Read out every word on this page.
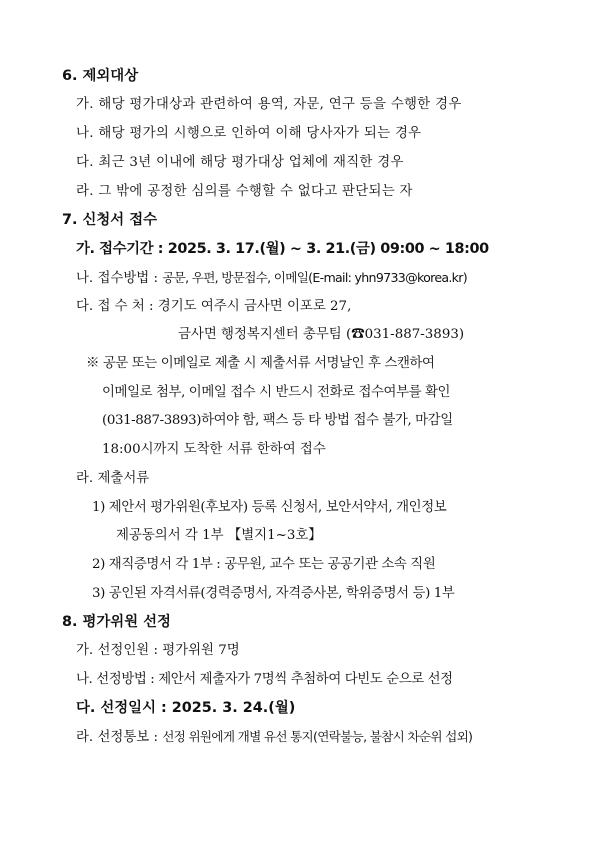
6. 제외대상
가. 해당 평가대상과 관련하여 용역, 자문, 연구 등을 수행한 경우
나. 해당 평가의 시행으로 인하여 이해 당사자가 되는 경우
다. 최근 3년 이내에 해당 평가대상 업체에 재직한 경우
라. 그 밖에 공정한 심의를 수행할 수 없다고 판단되는 자
7. 신청서 접수
가. 접수기간 : 2025. 3. 17.(월) ~ 3. 21.(금) 09:00 ~ 18:00
나. 접수방법 : 공문, 우편, 방문접수, 이메일(E-mail: yhn9733@korea.kr)
다. 접 수 처 : 경기도 여주시 금사면 이포로 27,
금사면 행정복지센터 총무팀 (☎031-887-3893)
※ 공문 또는 이메일로 제출 시 제출서류 서명날인 후 스캔하여
이메일로 첨부, 이메일 접수 시 반드시 전화로 접수여부를 확인
(031-887-3893)하여야 함, 팩스 등 타 방법 접수 불가, 마감일
18:00시까지 도착한 서류 한하여 접수
라. 제출서류
1) 제안서 평가위원(후보자) 등록 신청서, 보안서약서, 개인정보
제공동의서 각 1부 【별지1~3호】
2) 재직증명서 각 1부 : 공무원, 교수 또는 공공기관 소속 직원
3) 공인된 자격서류(경력증명서, 자격증사본, 학위증명서 등) 1부
8. 평가위원 선정
가. 선정인원 : 평가위원 7명
나. 선정방법 : 제안서 제출자가 7명씩 추첨하여 다빈도 순으로 선정
다. 선정일시 : 2025. 3. 24.(월)
라. 선정통보 : 선정 위원에게 개별 유선 통지(연락불능, 불참시 차순위 섭외)
